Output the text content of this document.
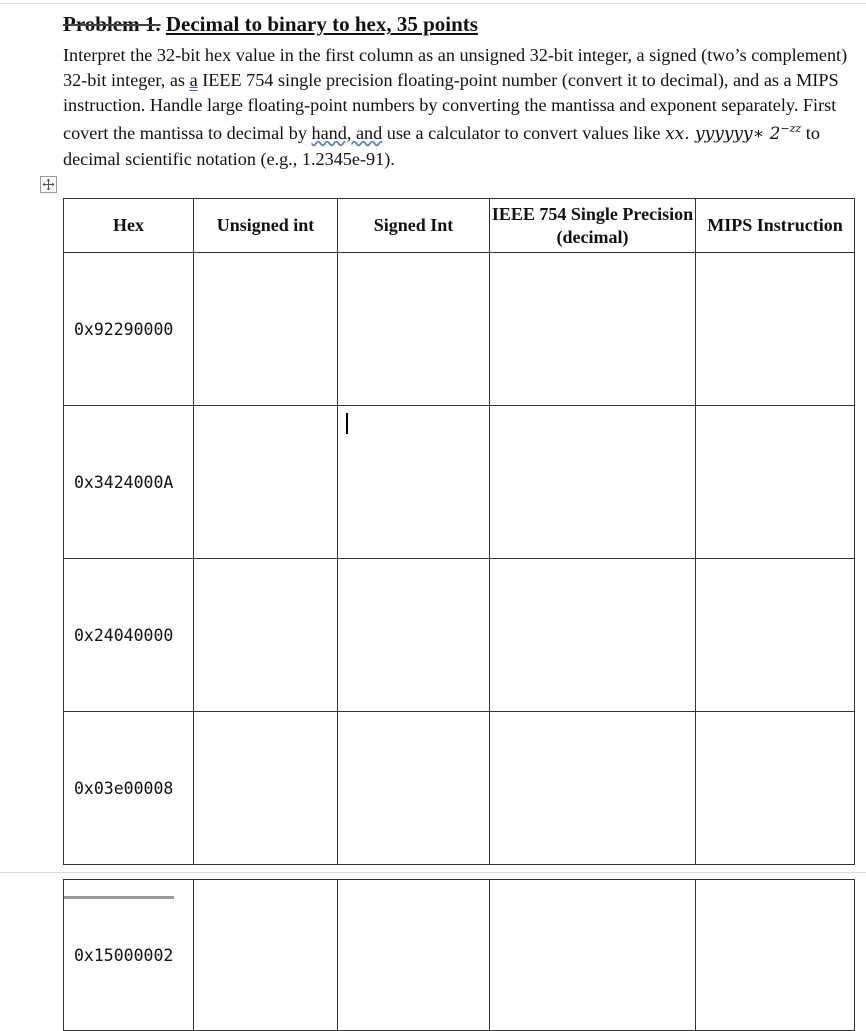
Problem 1. Decimal to binary to hex, 35 points

Interpret the 32-bit hex value in the first column as an unsigned 32-bit integer, a signed (two’s complement) 32-bit integer, as a IEEE 754 single precision floating-point number (convert it to decimal), and as a MIPS instruction. Handle large floating-point numbers by converting the mantissa and exponent separately. First covert the mantissa to decimal by hand, and use a calculator to convert values like xx. yyyyyy∗ $2^{-zz}$ to decimal scientific notation (e.g., 1.2345e-91).

Hex	Unsigned int	Signed Int	IEEE 754 Single Precision (decimal)	MIPS Instruction
0x92290000				
0x3424000A				
0x24040000				
0x03e00008				
0x15000002				
